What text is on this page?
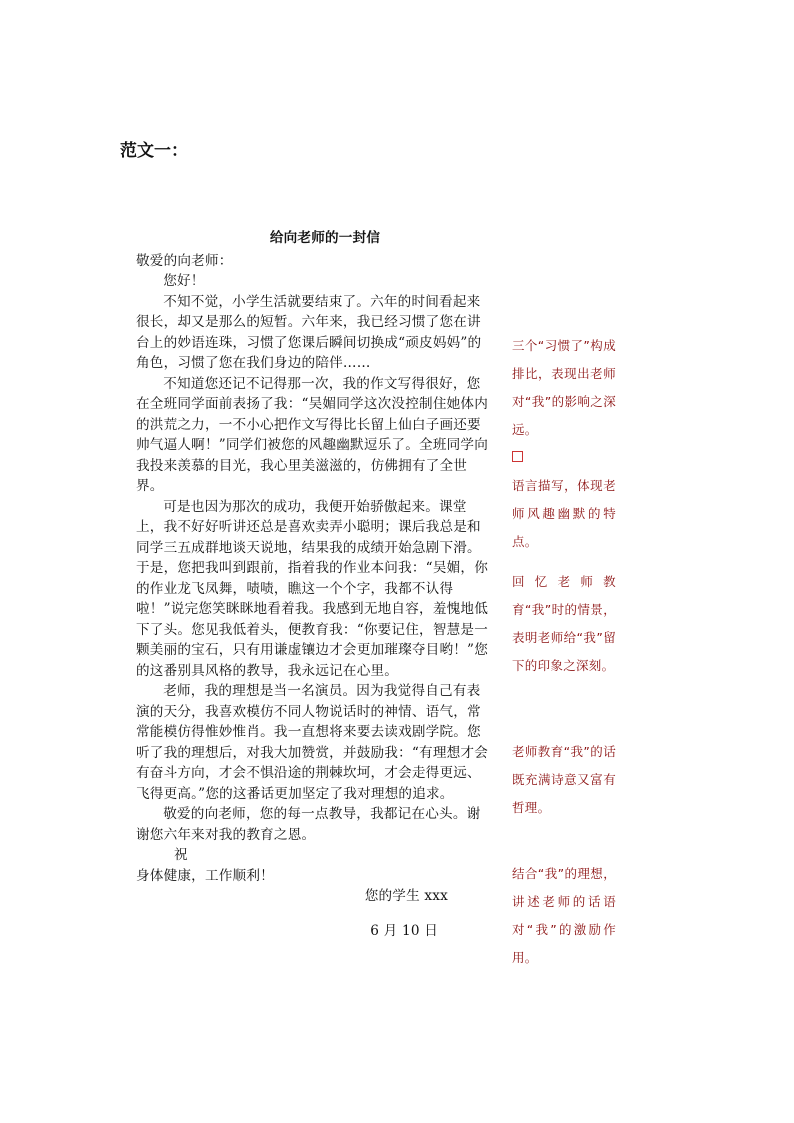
范文一：

给向老师的一封信

敬爱的向老师：

您好！

不知不觉，小学生活就要结束了。六年的时间看起来很长，却又是那么的短暂。六年来，我已经习惯了您在讲台上的妙语连珠，习惯了您课后瞬间切换成“顽皮妈妈”的角色，习惯了您在我们身边的陪伴……

不知道您还记不记得那一次，我的作文写得很好，您在全班同学面前表扬了我：“吴媚同学这次没控制住她体内的洪荒之力，一不小心把作文写得比长留上仙白子画还要帅气逼人啊！”同学们被您的风趣幽默逗乐了。全班同学向我投来羡慕的目光，我心里美滋滋的，仿佛拥有了全世界。

可是也因为那次的成功，我便开始骄傲起来。课堂上，我不好好听讲还总是喜欢卖弄小聪明；课后我总是和同学三五成群地谈天说地，结果我的成绩开始急剧下滑。于是，您把我叫到跟前，指着我的作业本问我：“吴媚，你的作业龙飞凤舞，啧啧，瞧这一个个字，我都不认得啦！”说完您笑眯眯地看着我。我感到无地自容，羞愧地低下了头。您见我低着头，便教育我：“你要记住，智慧是一颗美丽的宝石，只有用谦虚镶边才会更加璀璨夺目哟！”您的这番别具风格的教导，我永远记在心里。

老师，我的理想是当一名演员。因为我觉得自己有表演的天分，我喜欢模仿不同人物说话时的神情、语气，常常能模仿得惟妙惟肖。我一直想将来要去读戏剧学院。您听了我的理想后，对我大加赞赏，并鼓励我：“有理想才会有奋斗方向，才会不惧沿途的荆棘坎坷，才会走得更远、飞得更高。”您的这番话更加坚定了我对理想的追求。

敬爱的向老师，您的每一点教导，我都记在心头。谢谢您六年来对我的教育之恩。

祝

身体健康，工作顺利！

您的学生 xxx

6 月 10 日

三个“习惯了”构成排比，表现出老师对“我”的影响之深远。

语言描写，体现老师风趣幽默的特点。

回忆老师教育“我”时的情景，表明老师给“我”留下的印象之深刻。

老师教育“我”的话既充满诗意又富有哲理。

结合“我”的理想，讲述老师的话语对“我”的激励作用。
